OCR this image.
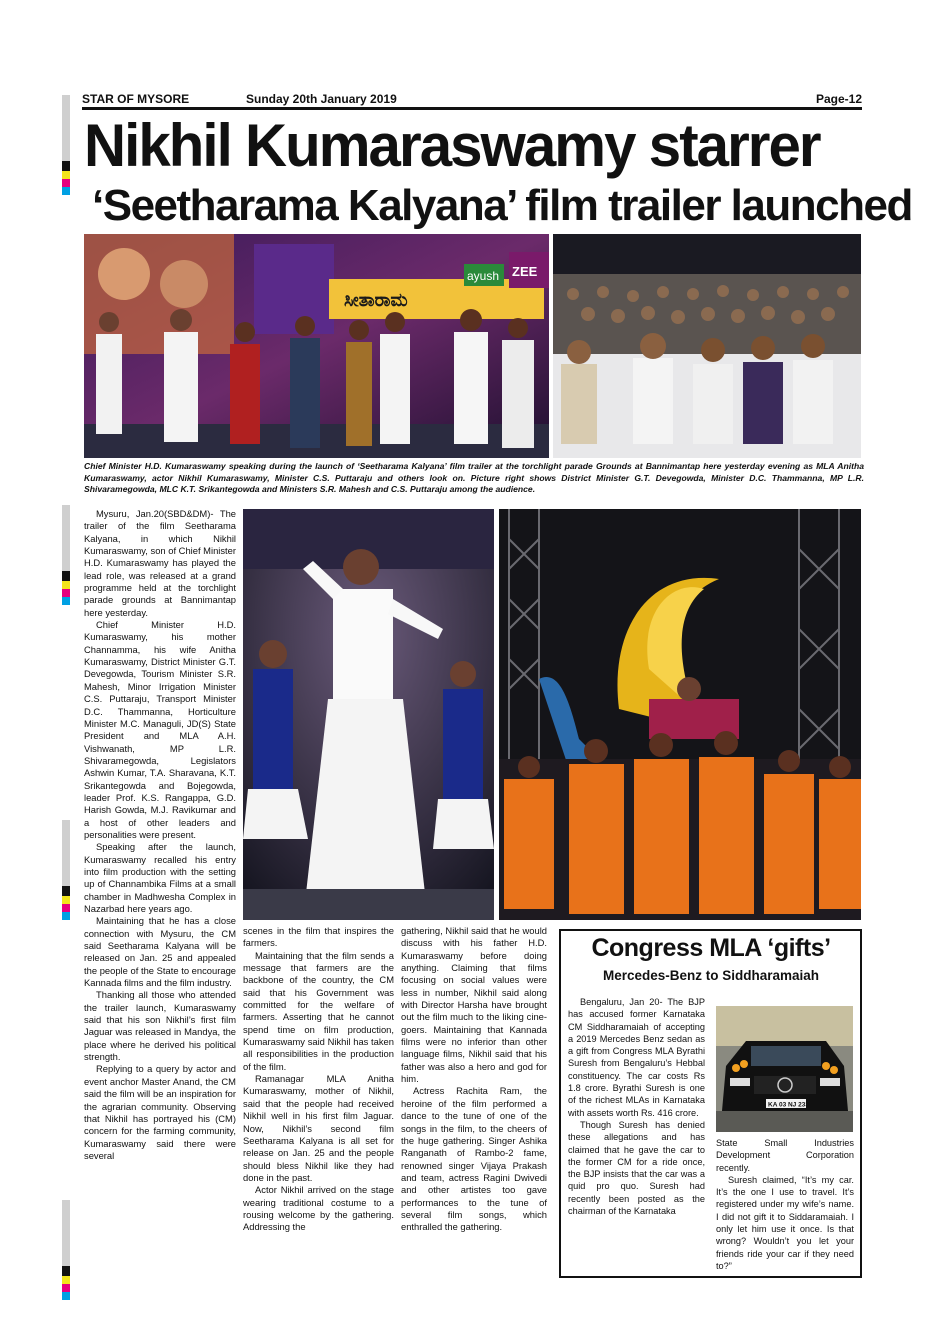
STAR OF MYSORE	Sunday 20th January 2019	Page-12
Nikhil Kumaraswamy starrer
‘Seetharama Kalyana’ film trailer launched
ಸೀತಾರಾಮ
ayush ZEE
Chief Minister H.D. Kumaraswamy speaking during the launch of ‘Seetharama Kalyana’ film trailer at the torchlight parade Grounds at Bannimantap here yesterday evening as MLA Anitha Kumaraswamy, actor Nikhil Kumaraswamy, Minister C.S. Puttaraju and others look on. Picture right shows District Minister G.T. Devegowda, Minister D.C. Thammanna, MP L.R. Shivaramegowda, MLC K.T. Srikantegowda and Ministers S.R. Mahesh and C.S. Puttaraju among the audience.

Mysuru, Jan.20(SBD&DM)- The trailer of the film Seetharama Kalyana, in which Nikhil Kumaraswamy, son of Chief Minister H.D. Kumaraswamy has played the lead role, was released at a grand programme held at the torchlight parade grounds at Bannimantap here yesterday.

Chief Minister H.D. Kumaraswamy, his mother Channamma, his wife Anitha Kumaraswamy, District Minister G.T. Devegowda, Tourism Minister S.R. Mahesh, Minor Irrigation Minister C.S. Puttaraju, Transport Minister D.C. Thammanna, Horticulture Minister M.C. Managuli, JD(S) State President and MLA A.H. Vishwanath, MP L.R. Shivaramegowda, Legislators Ashwin Kumar, T.A. Sharavana, K.T. Srikantegowda and Bojegowda, leader Prof. K.S. Rangappa, G.D. Harish Gowda, M.J. Ravikumar and a host of other leaders and personalities were present.

Speaking after the launch, Kumaraswamy recalled his entry into film production with the setting up of Channambika Films at a small chamber in Madhwesha Complex in Nazarbad here years ago.

Maintaining that he has a close connection with Mysuru, the CM said Seetharama Kalyana will be released on Jan. 25 and appealed the people of the State to encourage Kannada films and the film industry.

Thanking all those who attended the trailer launch, Kumaraswamy said that his son Nikhil’s first film Jaguar was released in Mandya, the place where he derived his political strength.

Replying to a query by actor and event anchor Master Anand, the CM said the film will be an inspiration for the agrarian community. Observing that Nikhil has portrayed his (CM) concern for the farming community, Kumaraswamy said there were several

scenes in the film that inspires the farmers.

Maintaining that the film sends a message that farmers are the backbone of the country, the CM said that his Government was committed for the welfare of farmers. Asserting that he cannot spend time on film production, Kumaraswamy said Nikhil has taken all responsibilities in the production of the film.

Ramanagar MLA Anitha Kumaraswamy, mother of Nikhil, said that the people had received Nikhil well in his first film Jaguar. Now, Nikhil’s second film Seetharama Kalyana is all set for release on Jan. 25 and the people should bless Nikhil like they had done in the past.

Actor Nikhil arrived on the stage wearing traditional costume to a rousing welcome by the gathering. Addressing the

gathering, Nikhil said that he would discuss with his father H.D. Kumaraswamy before doing anything. Claiming that films focusing on social values were less in number, Nikhil said along with Director Harsha have brought out the film much to the liking cine-goers. Maintaining that Kannada films were no inferior than other language films, Nikhil said that his father was also a hero and god for him.

Actress Rachita Ram, the heroine of the film performed a dance to the tune of one of the songs in the film, to the cheers of the huge gathering. Singer Ashika Ranganath of Rambo-2 fame, renowned singer Vijaya Prakash and team, actress Ragini Dwivedi and other artistes too gave performances to the tune of several film songs, which enthralled the gathering.

Congress MLA ‘gifts’
Mercedes-Benz to Siddharamaiah

Bengaluru, Jan 20- The BJP has accused former Karnataka CM Siddharamaiah of accepting a 2019 Mercedes Benz sedan as a gift from Congress MLA Byrathi Suresh from Bengaluru’s Hebbal constituency. The car costs Rs 1.8 crore. Byrathi Suresh is one of the richest MLAs in Karnataka with assets worth Rs. 416 crore.

Though Suresh has denied these allegations and has claimed that he gave the car to the former CM for a ride once, the BJP insists that the car was a quid pro quo. Suresh had recently been posted as the chairman of the Karnataka

KA 03 NJ 233

State Small Industries Development Corporation recently.

Suresh claimed, “It’s my car. It’s the one I use to travel. It’s registered under my wife’s name. I did not gift it to Siddaramaiah. I only let him use it once. Is that wrong? Wouldn’t you let your friends ride your car if they need to?”
